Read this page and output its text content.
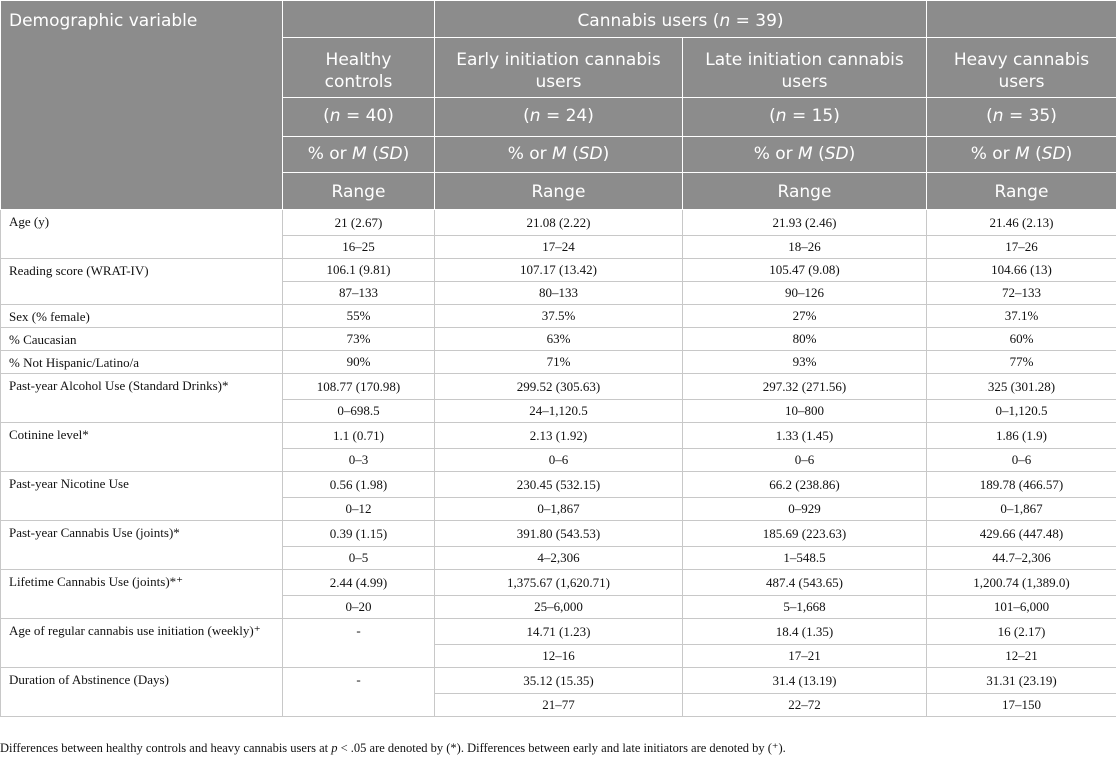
Demographic variable		Cannabis users (n = 39)		
	Healthy controls	Early initiation cannabis users	Late initiation cannabis users	Heavy cannabis users
	(n = 40)	(n = 24)	(n = 15)	(n = 35)
	% or M (SD)	% or M (SD)	% or M (SD)	% or M (SD)
	Range	Range	Range	Range
Age (y)	21 (2.67)	21.08 (2.22)	21.93 (2.46)	21.46 (2.13)
	16–25	17–24	18–26	17–26
Reading score (WRAT-IV)	106.1 (9.81)	107.17 (13.42)	105.47 (9.08)	104.66 (13)
	87–133	80–133	90–126	72–133
Sex (% female)	55%	37.5%	27%	37.1%
% Caucasian	73%	63%	80%	60%
% Not Hispanic/Latino/a	90%	71%	93%	77%
Past-year Alcohol Use (Standard Drinks)*	108.77 (170.98)	299.52 (305.63)	297.32 (271.56)	325 (301.28)
	0–698.5	24–1,120.5	10–800	0–1,120.5
Cotinine level*	1.1 (0.71)	2.13 (1.92)	1.33 (1.45)	1.86 (1.9)
	0–3	0–6	0–6	0–6
Past-year Nicotine Use	0.56 (1.98)	230.45 (532.15)	66.2 (238.86)	189.78 (466.57)
	0–12	0–1,867	0–929	0–1,867
Past-year Cannabis Use (joints)*	0.39 (1.15)	391.80 (543.53)	185.69 (223.63)	429.66 (447.48)
	0–5	4–2,306	1–548.5	44.7–2,306
Lifetime Cannabis Use (joints)*⁺	2.44 (4.99)	1,375.67 (1,620.71)	487.4 (543.65)	1,200.74 (1,389.0)
	0–20	25–6,000	5–1,668	101–6,000
Age of regular cannabis use initiation (weekly)⁺	-	14.71 (1.23)	18.4 (1.35)	16 (2.17)
		12–16	17–21	12–21
Duration of Abstinence (Days)	-	35.12 (15.35)	31.4 (13.19)	31.31 (23.19)
		21–77	22–72	17–150
Differences between healthy controls and heavy cannabis users at p < .05 are denoted by (*). Differences between early and late initiators are denoted by (⁺).
